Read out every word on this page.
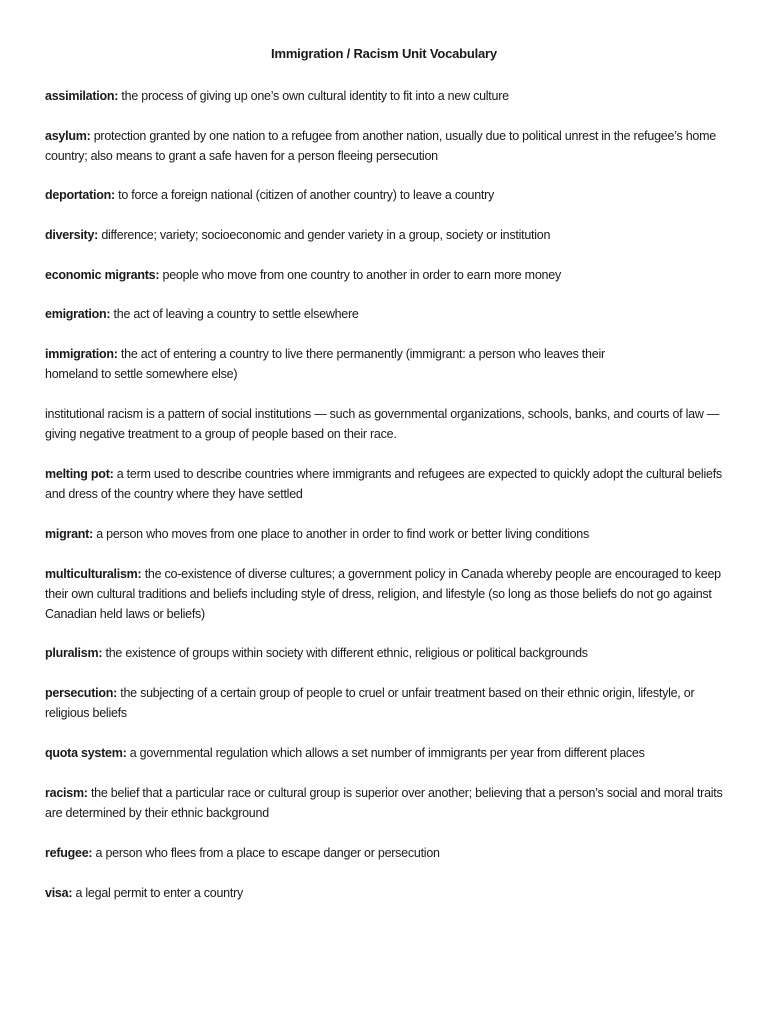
Immigration / Racism Unit Vocabulary

assimilation: the process of giving up one’s own cultural identity to fit into a new culture

asylum: protection granted by one nation to a refugee from another nation, usually due to political unrest in the refugee’s home country; also means to grant a safe haven for a person fleeing persecution

deportation: to force a foreign national (citizen of another country) to leave a country

diversity: difference; variety; socioeconomic and gender variety in a group, society or institution

economic migrants: people who move from one country to another in order to earn more money

emigration: the act of leaving a country to settle elsewhere

immigration: the act of entering a country to live there permanently (immigrant: a person who leaves their homeland to settle somewhere else)

institutional racism is a pattern of social institutions — such as governmental organizations, schools, banks, and courts of law — giving negative treatment to a group of people based on their race.

melting pot: a term used to describe countries where immigrants and refugees are expected to quickly adopt the cultural beliefs and dress of the country where they have settled

migrant: a person who moves from one place to another in order to find work or better living conditions

multiculturalism: the co-existence of diverse cultures; a government policy in Canada whereby people are encouraged to keep their own cultural traditions and beliefs including style of dress, religion, and lifestyle (so long as those beliefs do not go against Canadian held laws or beliefs)

pluralism: the existence of groups within society with different ethnic, religious or political backgrounds

persecution: the subjecting of a certain group of people to cruel or unfair treatment based on their ethnic origin, lifestyle, or religious beliefs

quota system: a governmental regulation which allows a set number of immigrants per year from different places

racism: the belief that a particular race or cultural group is superior over another; believing that a person’s social and moral traits are determined by their ethnic background

refugee: a person who flees from a place to escape danger or persecution

visa: a legal permit to enter a country
